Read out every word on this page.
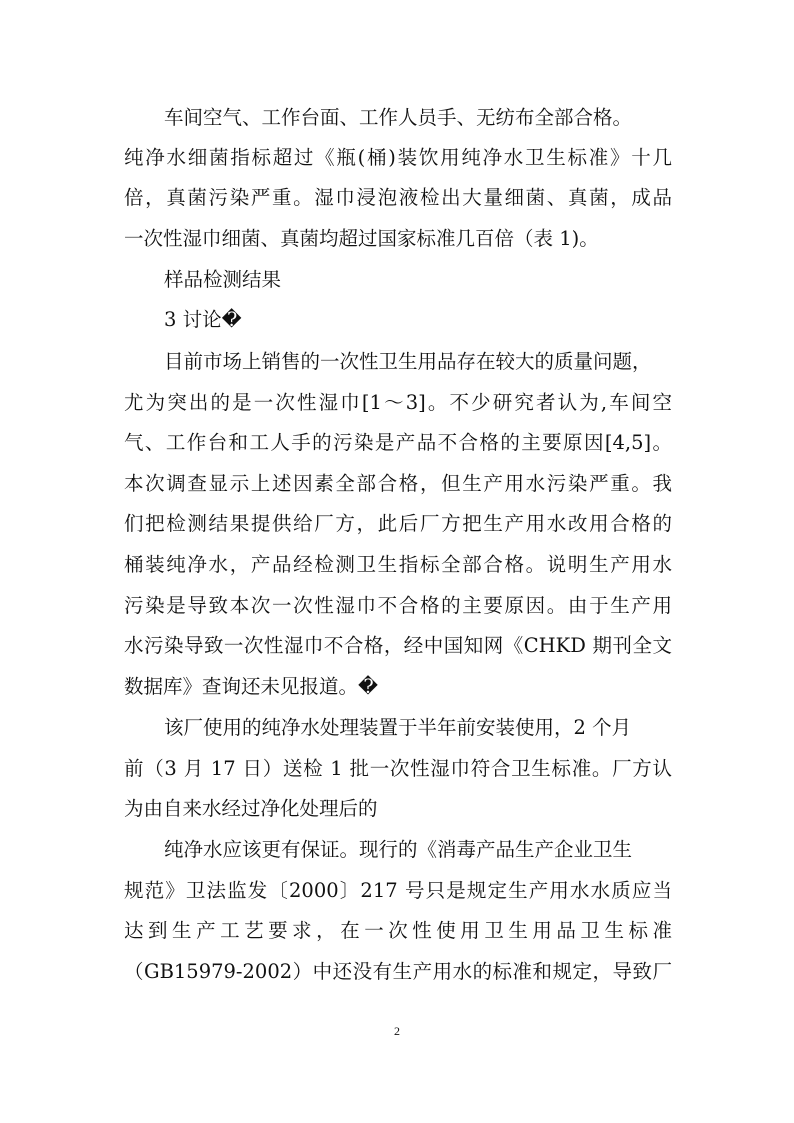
车间空气、工作台面、工作人员手、无纺布全部合格。
纯净水细菌指标超过《瓶(桶)装饮用纯净水卫生标准》十几
倍，真菌污染严重。湿巾浸泡液检出大量细菌、真菌，成品
一次性湿巾细菌、真菌均超过国家标准几百倍（表 1)。
样品检测结果
3 讨论�
目前市场上销售的一次性卫生用品存在较大的质量问题，
尤为突出的是一次性湿巾[1～3]。不少研究者认为,车间空
气、工作台和工人手的污染是产品不合格的主要原因[4,5]。
本次调查显示上述因素全部合格，但生产用水污染严重。我
们把检测结果提供给厂方，此后厂方把生产用水改用合格的
桶装纯净水，产品经检测卫生指标全部合格。说明生产用水
污染是导致本次一次性湿巾不合格的主要原因。由于生产用
水污染导致一次性湿巾不合格，经中国知网《CHKD 期刊全文
数据库》查询还未见报道。�
该厂使用的纯净水处理装置于半年前安装使用，2 个月
前（3 月 17 日）送检 1 批一次性湿巾符合卫生标准。厂方认
为由自来水经过净化处理后的
纯净水应该更有保证。现行的《消毒产品生产企业卫生
规范》卫法监发〔2000〕217 号只是规定生产用水水质应当
达到生产工艺要求，在一次性使用卫生用品卫生标准
（GB15979-2002）中还没有生产用水的标准和规定，导致厂
2
